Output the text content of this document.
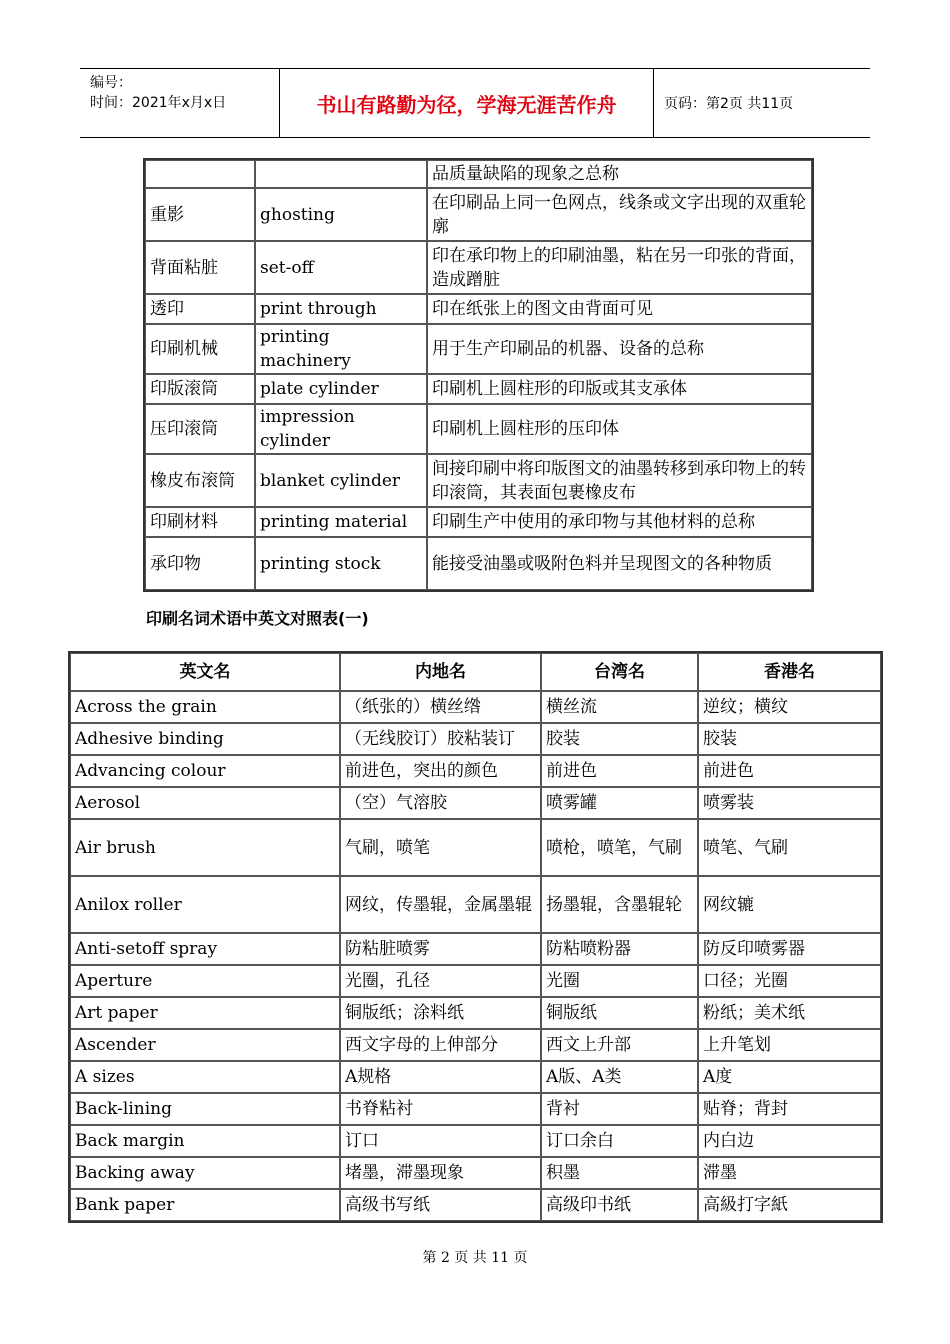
编号：
时间：2021年x月x日	书山有路勤为径，学海无涯苦作舟	页码：第2页 共11页
		品质量缺陷的现象之总称
重影	ghosting	在印刷品上同一色网点，线条或文字出现的双重轮廓
背面粘脏	set-off	印在承印物上的印刷油墨，粘在另一印张的背面，造成蹭脏
透印	print through	印在纸张上的图文由背面可见
印刷机械	printing machinery	用于生产印刷品的机器、设备的总称
印版滚筒	plate cylinder	印刷机上圆柱形的印版或其支承体
压印滚筒	impression cylinder	印刷机上圆柱形的压印体
橡皮布滚筒	blanket cylinder	间接印刷中将印版图文的油墨转移到承印物上的转印滚筒，其表面包裹橡皮布
印刷材料	printing material	印刷生产中使用的承印物与其他材料的总称
承印物	printing stock	能接受油墨或吸附色料并呈现图文的各种物质
印刷名词术语中英文对照表(一)
英文名	内地名	台湾名	香港名
Across the grain	（纸张的）横丝绺	横丝流	逆纹；横纹
Adhesive binding	（无线胶订）胶粘装订	胶装	胶装
Advancing colour	前进色，突出的颜色	前进色	前进色
Aerosol	（空）气溶胶	喷雾罐	喷雾装
Air brush	气刷，喷笔	喷枪，喷笔，气刷	喷笔、气刷
Anilox roller	网纹，传墨辊，金属墨辊	扬墨辊，含墨辊轮	网纹辘
Anti-setoff spray	防粘脏喷雾	防粘喷粉器	防反印喷雾器
Aperture	光圈，孔径	光圈	口径；光圈
Art paper	铜版纸；涂料纸	铜版纸	粉纸；美术纸
Ascender	西文字母的上伸部分	西文上升部	上升笔划
A sizes	A规格	A版、A类	A度
Back-lining	书脊粘衬	背衬	贴脊；背封
Back margin	订口	订口余白	内白边
Backing away	堵墨，滞墨现象	积墨	滞墨
Bank paper	高级书写纸	高级印书纸	高級打字紙
第 2 页 共 11 页
